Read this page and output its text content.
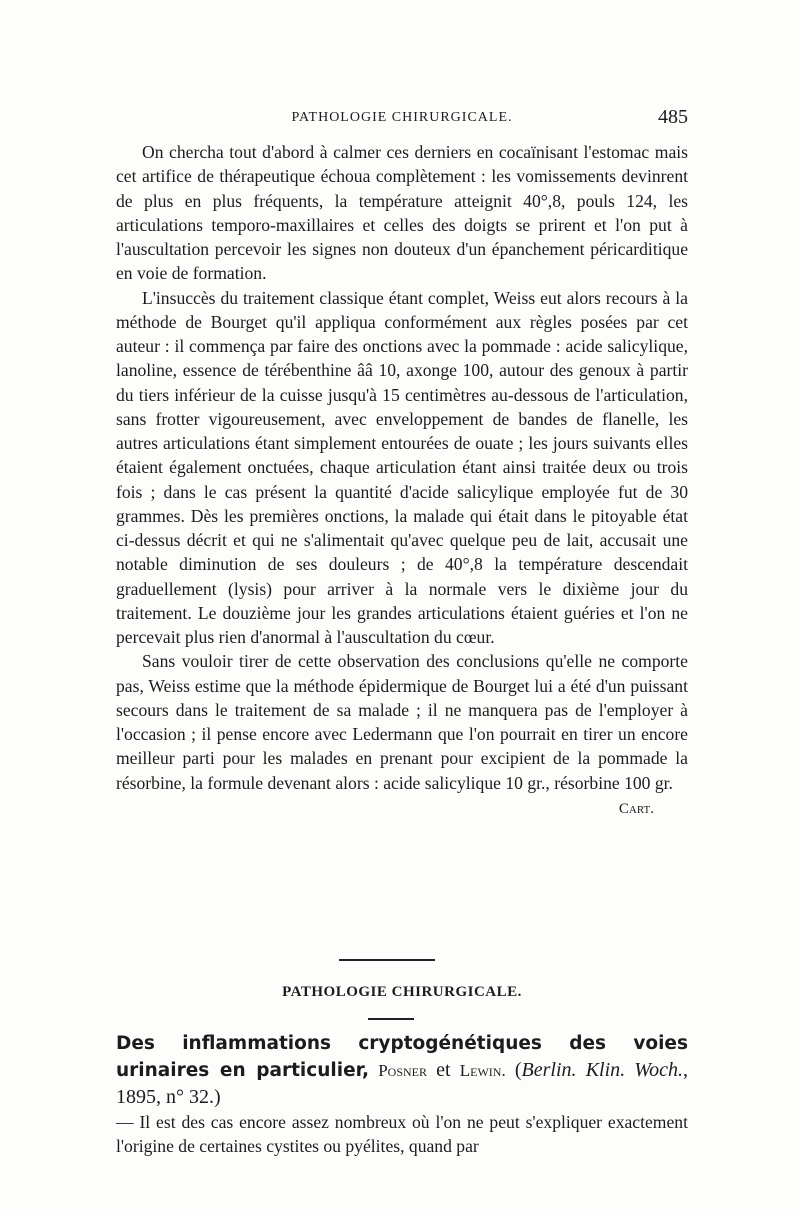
PATHOLOGIE CHIRURGICALE.	485

On chercha tout d'abord à calmer ces derniers en cocaïnisant l'estomac mais cet artifice de thérapeutique échoua complètement : les vomissements devinrent de plus en plus fréquents, la température atteignit 40°,8, pouls 124, les articulations temporo-maxillaires et celles des doigts se prirent et l'on put à l'auscultation percevoir les signes non douteux d'un épanchement péricarditique en voie de formation.

L'insuccès du traitement classique étant complet, Weiss eut alors recours à la méthode de Bourget qu'il appliqua conformément aux règles posées par cet auteur : il commença par faire des onctions avec la pommade : acide salicylique, lanoline, essence de térébenthine ââ 10, axonge 100, autour des genoux à partir du tiers inférieur de la cuisse jusqu'à 15 centimètres au-dessous de l'articulation, sans frotter vigoureusement, avec enveloppement de bandes de flanelle, les autres articulations étant simplement entourées de ouate ; les jours suivants elles étaient également onctuées, chaque articulation étant ainsi traitée deux ou trois fois ; dans le cas présent la quantité d'acide salicylique employée fut de 30 grammes. Dès les premières onctions, la malade qui était dans le pitoyable état ci-dessus décrit et qui ne s'alimentait qu'avec quelque peu de lait, accusait une notable diminution de ses douleurs ; de 40°,8 la température descendait graduellement (lysis) pour arriver à la normale vers le dixième jour du traitement. Le douzième jour les grandes articulations étaient guéries et l'on ne percevait plus rien d'anormal à l'auscultation du cœur.

Sans vouloir tirer de cette observation des conclusions qu'elle ne comporte pas, Weiss estime que la méthode épidermique de Bourget lui a été d'un puissant secours dans le traitement de sa malade ; il ne manquera pas de l'employer à l'occasion ; il pense encore avec Ledermann que l'on pourrait en tirer un encore meilleur parti pour les malades en prenant pour excipient de la pommade la résorbine, la formule devenant alors : acide salicylique 10 gr., résorbine 100 gr.

Cart.
PATHOLOGIE CHIRURGICALE.
Des inflammations cryptogénétiques des voies urinaires en particulier, Posner et Lewin. (Berlin. Klin. Woch., 1895, n° 32.)
— Il est des cas encore assez nombreux où l'on ne peut s'expliquer exactement l'origine de certaines cystites ou pyélites, quand par
